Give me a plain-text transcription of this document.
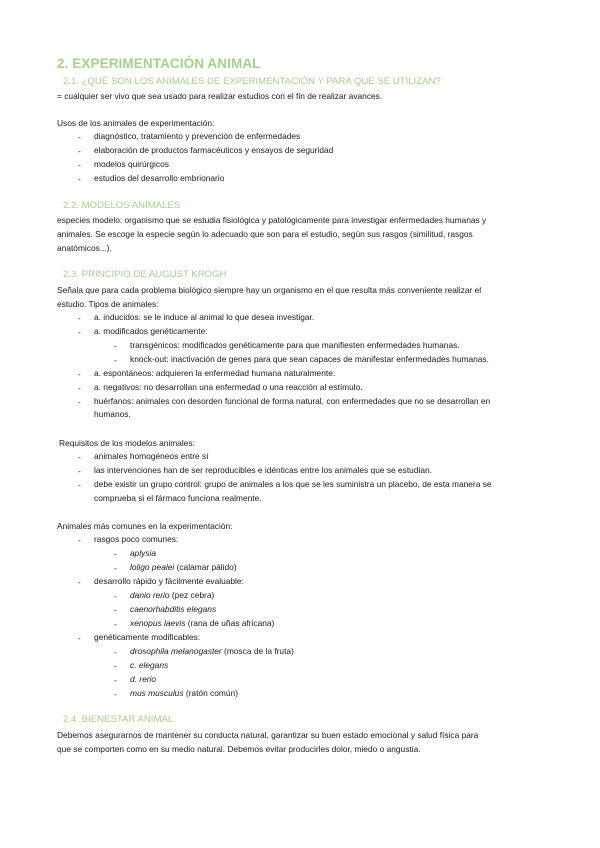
2. EXPERIMENTACIÓN ANIMAL
2.1. ¿QUÉ SON LOS ANIMALES DE EXPERIMENTACIÓN Y PARA QUE SE UTILIZAN?
= cualquier ser vivo que sea usado para realizar estudios con el fin de realizar avances.
Usos de los animales de experimentación:
- diagnóstico, tratamiento y prevención de enfermedades
- elaboración de productos farmacéuticos y ensayos de seguridad
- modelos quirúrgicos
- estudios del desarrollo embrionario
2.2. MODELOS ANIMALES
especies modelo: organismo que se estudia fisiológica y patológicamente para investigar enfermedades humanas y
animales. Se escoge la especie según lo adecuado que son para el estudio, según sus rasgos (similitud, rasgos
anatómicos...).
2.3. PRINCIPIO DE AUGUST KROGH
Señala que para cada problema biológico siempre hay un organismo en el que resulta más conveniente realizar el
estudio. Tipos de animales:
- a. inducidos: se le induce al animal lo que desea investigar.
- a. modificados genéticamente:
- transgénicos: modificados genéticamente para que manifiesten enfermedades humanas.
- knock-out: inactivación de genes para que sean capaces de manifestar enfermedades humanas.
- a. espontáneos: adquieren la enfermedad humana naturalmente.
- a. negativos: no desarrollan una enfermedad o una reacción al estímulo.
- huérfanos: animales con desorden funcional de forma natural, con enfermedades que no se desarrollan en
humanos.
Requisitos de los modelos animales:
- animales homogéneos entre sí
- las intervenciones han de ser reproducibles e idénticas entre los animales que se estudian.
- debe existir un grupo control: grupo de animales a los que se les suministra un placebo, de esta manera se
comprueba si el fármaco funciona realmente.
Animales más comunes en la experimentación:
- rasgos poco comunes:
- aplysia
- loligo pealei (calamar pálido)
- desarrollo rápido y fácilmente evaluable:
- danio rerio (pez cebra)
- caenorhabditis elegans
- xenopus laevis (rana de uñas africana)
- genéticamente modificables:
- drosophila melanogaster (mosca de la fruta)
- c. elegans
- d. rerio
- mus musculus (ratón común)
2.4. BIENESTAR ANIMAL
Debemos asegurarnos de mantener su conducta natural, garantizar su buen estado emocional y salud física para
que se comporten como en su medio natural. Debemos evitar producirles dolor, miedo o angustia.
